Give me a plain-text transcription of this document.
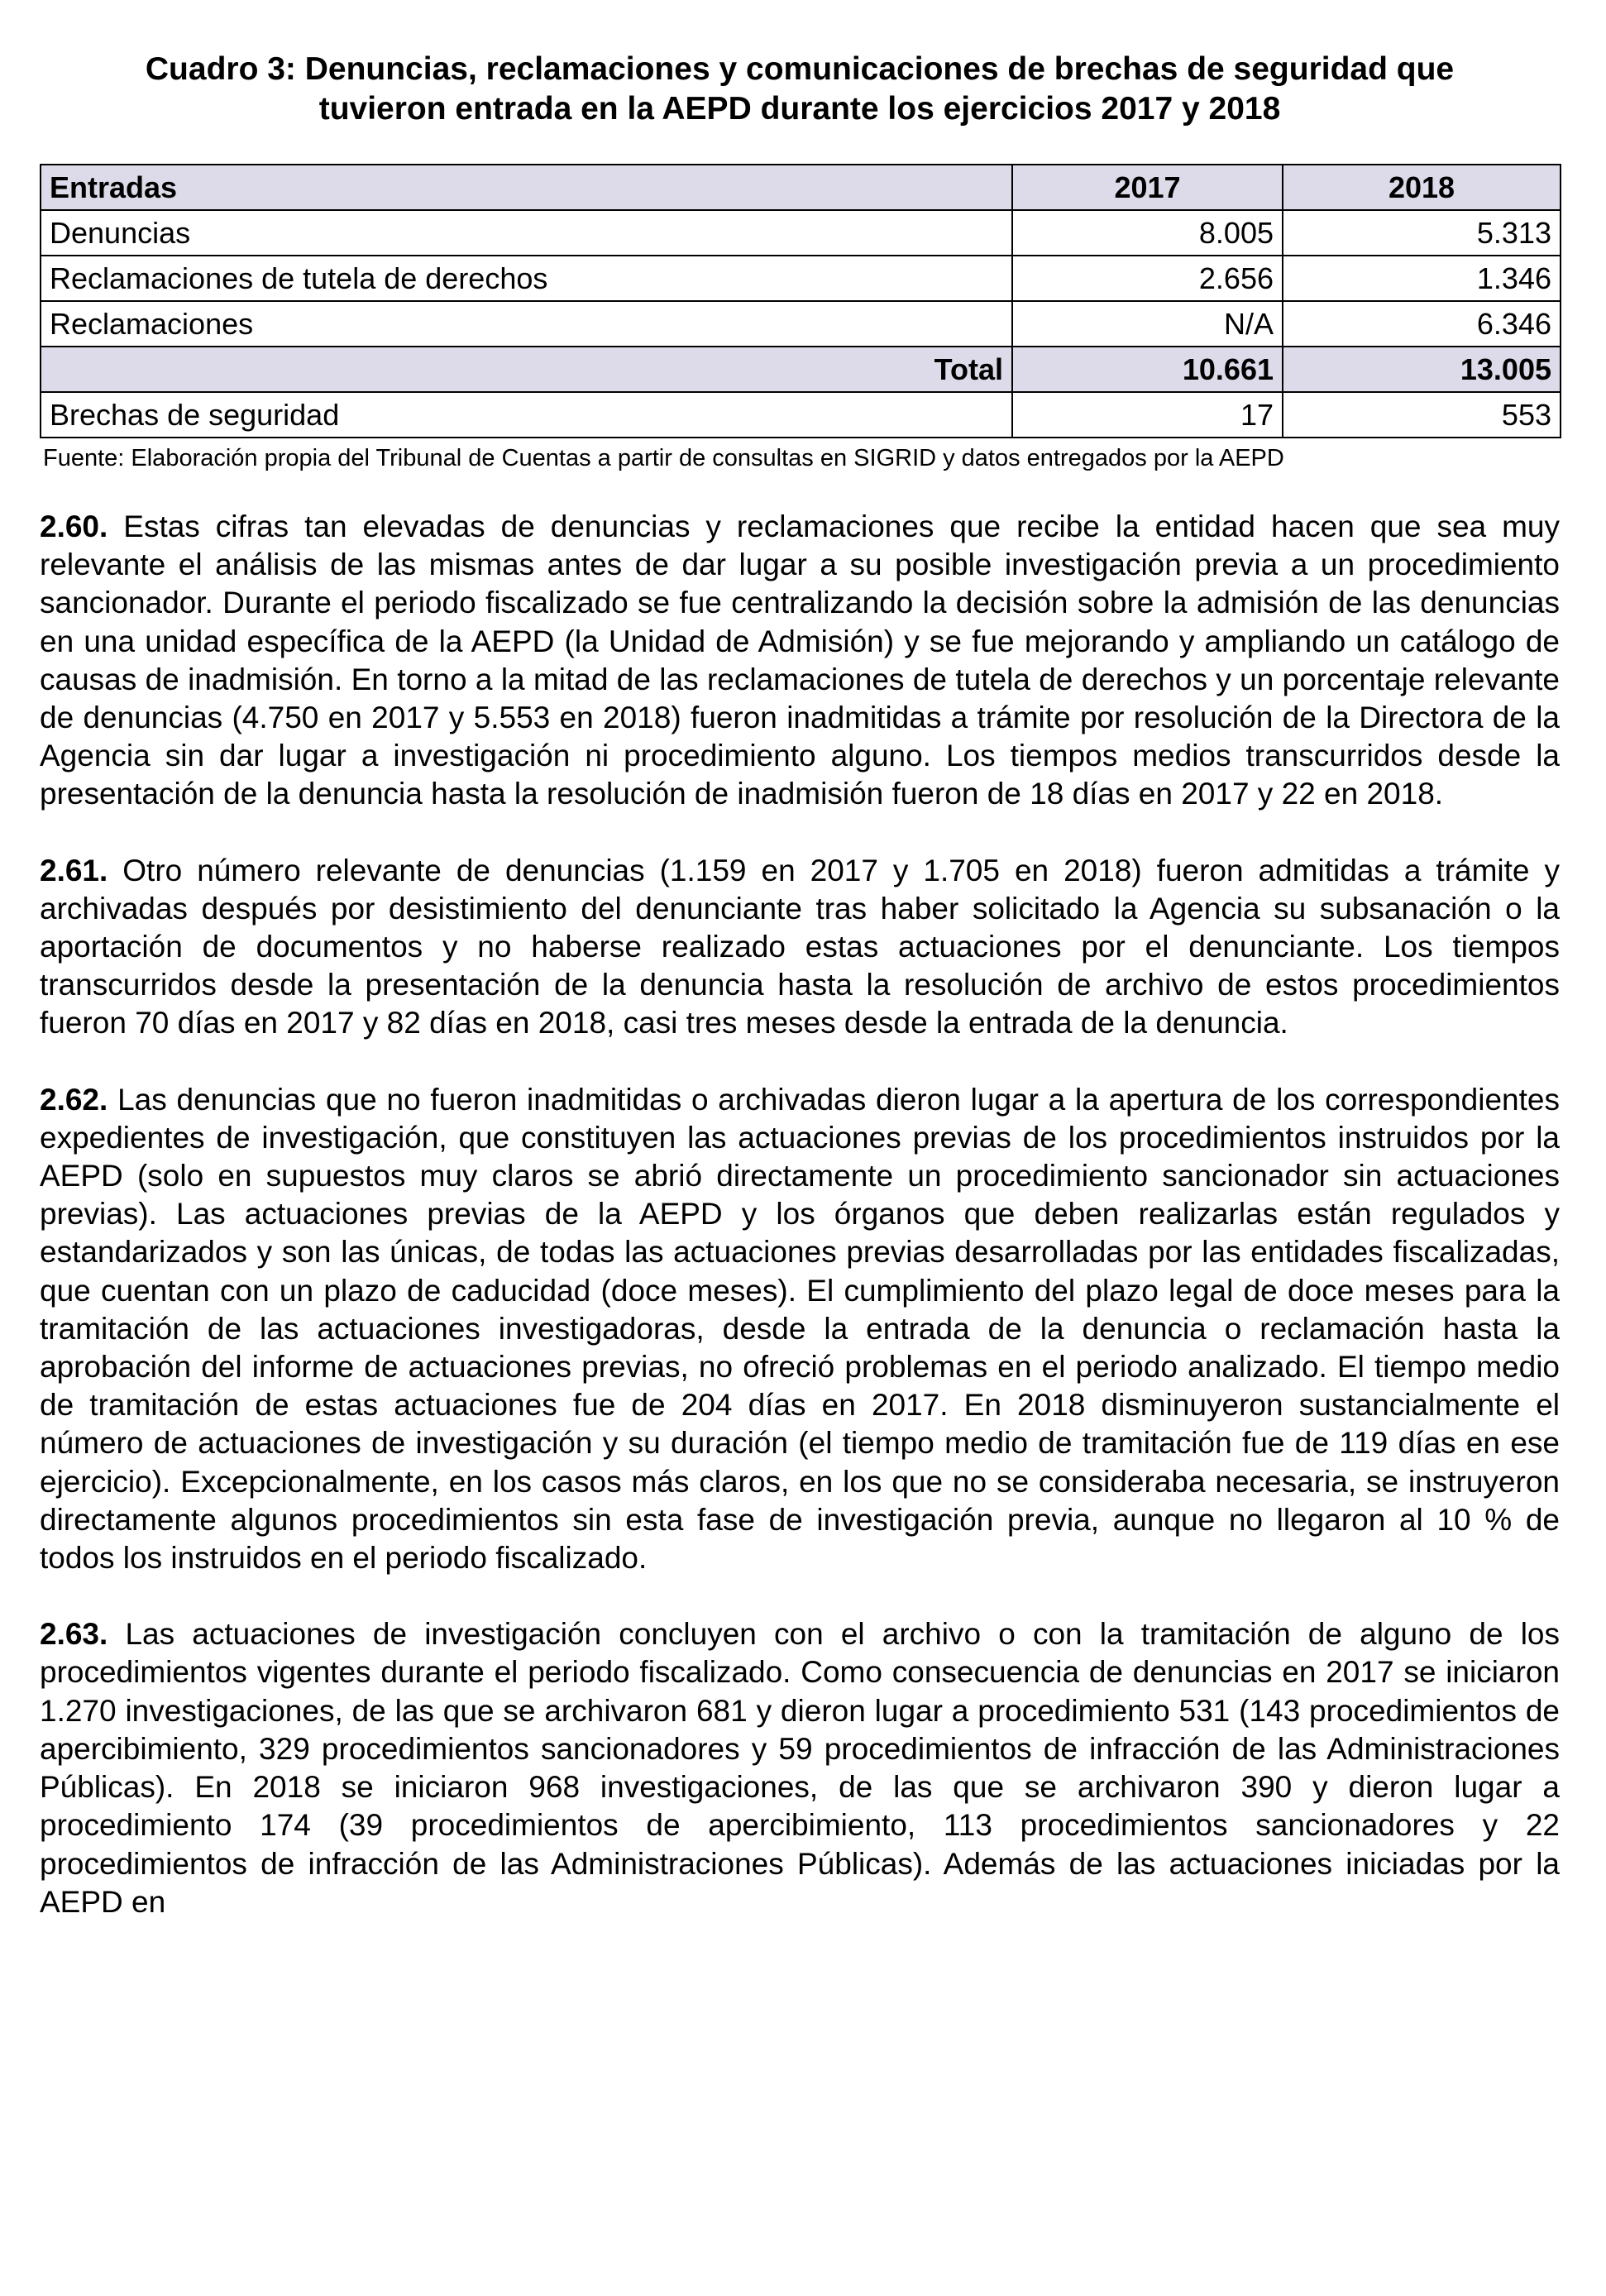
Cuadro 3: Denuncias, reclamaciones y comunicaciones de brechas de seguridad que
tuvieron entrada en la AEPD durante los ejercicios 2017 y 2018
Entradas	2017	2018
Denuncias	8.005	5.313
Reclamaciones de tutela de derechos	2.656	1.346
Reclamaciones	N/A	6.346
Total	10.661	13.005
Brechas de seguridad	17	553
Fuente: Elaboración propia del Tribunal de Cuentas a partir de consultas en SIGRID y datos entregados por la AEPD

2.60. Estas cifras tan elevadas de denuncias y reclamaciones que recibe la entidad hacen que sea muy relevante el análisis de las mismas antes de dar lugar a su posible investigación previa a un procedimiento sancionador. Durante el periodo fiscalizado se fue centralizando la decisión sobre la admisión de las denuncias en una unidad específica de la AEPD (la Unidad de Admisión) y se fue mejorando y ampliando un catálogo de causas de inadmisión. En torno a la mitad de las reclamaciones de tutela de derechos y un porcentaje relevante de denuncias (4.750 en 2017 y 5.553 en 2018) fueron inadmitidas a trámite por resolución de la Directora de la Agencia sin dar lugar a investigación ni procedimiento alguno. Los tiempos medios transcurridos desde la presentación de la denuncia hasta la resolución de inadmisión fueron de 18 días en 2017 y 22 en 2018.

2.61. Otro número relevante de denuncias (1.159 en 2017 y 1.705 en 2018) fueron admitidas a trámite y archivadas después por desistimiento del denunciante tras haber solicitado la Agencia su subsanación o la aportación de documentos y no haberse realizado estas actuaciones por el denunciante. Los tiempos transcurridos desde la presentación de la denuncia hasta la resolución de archivo de estos procedimientos fueron 70 días en 2017 y 82 días en 2018, casi tres meses desde la entrada de la denuncia.

2.62. Las denuncias que no fueron inadmitidas o archivadas dieron lugar a la apertura de los correspondientes expedientes de investigación, que constituyen las actuaciones previas de los procedimientos instruidos por la AEPD (solo en supuestos muy claros se abrió directamente un procedimiento sancionador sin actuaciones previas). Las actuaciones previas de la AEPD y los órganos que deben realizarlas están regulados y estandarizados y son las únicas, de todas las actuaciones previas desarrolladas por las entidades fiscalizadas, que cuentan con un plazo de caducidad (doce meses). El cumplimiento del plazo legal de doce meses para la tramitación de las actuaciones investigadoras, desde la entrada de la denuncia o reclamación hasta la aprobación del informe de actuaciones previas, no ofreció problemas en el periodo analizado. El tiempo medio de tramitación de estas actuaciones fue de 204 días en 2017. En 2018 disminuyeron sustancialmente el número de actuaciones de investigación y su duración (el tiempo medio de tramitación fue de 119 días en ese ejercicio). Excepcionalmente, en los casos más claros, en los que no se consideraba necesaria, se instruyeron directamente algunos procedimientos sin esta fase de investigación previa, aunque no llegaron al 10 % de todos los instruidos en el periodo fiscalizado.

2.63. Las actuaciones de investigación concluyen con el archivo o con la tramitación de alguno de los procedimientos vigentes durante el periodo fiscalizado. Como consecuencia de denuncias en 2017 se iniciaron 1.270 investigaciones, de las que se archivaron 681 y dieron lugar a procedimiento 531 (143 procedimientos de apercibimiento, 329 procedimientos sancionadores y 59 procedimientos de infracción de las Administraciones Públicas). En 2018 se iniciaron 968 investigaciones, de las que se archivaron 390 y dieron lugar a procedimiento 174 (39 procedimientos de apercibimiento, 113 procedimientos sancionadores y 22 procedimientos de infracción de las Administraciones Públicas). Además de las actuaciones iniciadas por la AEPD en
